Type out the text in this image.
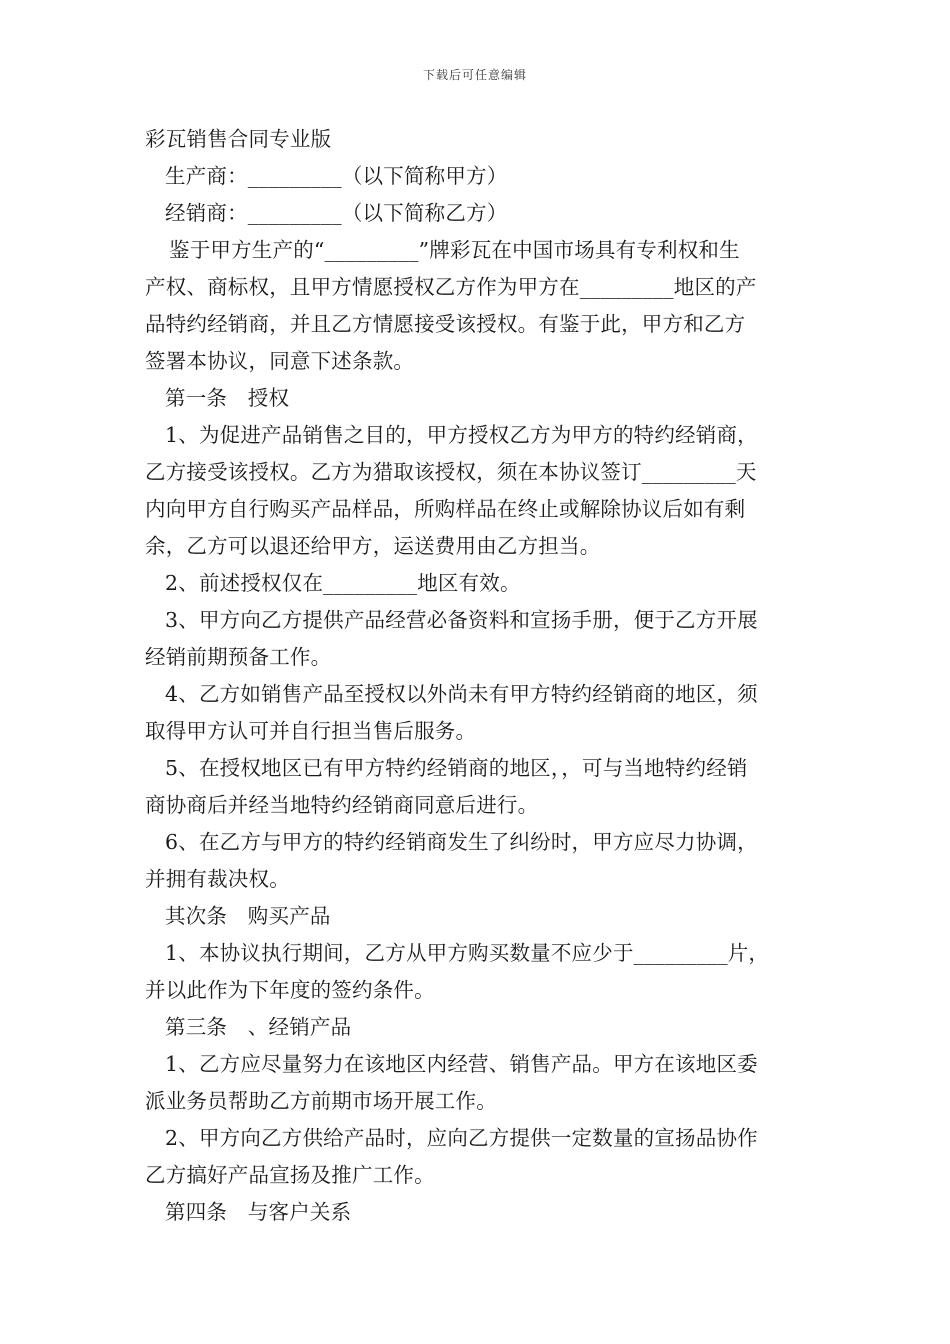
下载后可任意编辑
彩瓦销售合同专业版
生产商：_________（以下简称甲方）
经销商：_________（以下简称乙方）
鉴于甲方生产的“_________”牌彩瓦在中国市场具有专利权和生
产权、商标权，且甲方情愿授权乙方作为甲方在_________地区的产
品特约经销商，并且乙方情愿接受该授权。有鉴于此，甲方和乙方
签署本协议，同意下述条款。
第一条　授权
1、为促进产品销售之目的，甲方授权乙方为甲方的特约经销商，
乙方接受该授权。乙方为猎取该授权，须在本协议签订_________天
内向甲方自行购买产品样品，所购样品在终止或解除协议后如有剩
余，乙方可以退还给甲方，运送费用由乙方担当。
2、前述授权仅在_________地区有效。
3、甲方向乙方提供产品经营必备资料和宣扬手册，便于乙方开展
经销前期预备工作。
4、乙方如销售产品至授权以外尚未有甲方特约经销商的地区，须
取得甲方认可并自行担当售后服务。
5、在授权地区已有甲方特约经销商的地区，，可与当地特约经销
商协商后并经当地特约经销商同意后进行。
6、在乙方与甲方的特约经销商发生了纠纷时，甲方应尽力协调，
并拥有裁决权。
其次条　购买产品
1、本协议执行期间，乙方从甲方购买数量不应少于_________片，
并以此作为下年度的签约条件。
第三条　、经销产品
1、乙方应尽量努力在该地区内经营、销售产品。甲方在该地区委
派业务员帮助乙方前期市场开展工作。
2、甲方向乙方供给产品时，应向乙方提供一定数量的宣扬品协作
乙方搞好产品宣扬及推广工作。
第四条　与客户关系
